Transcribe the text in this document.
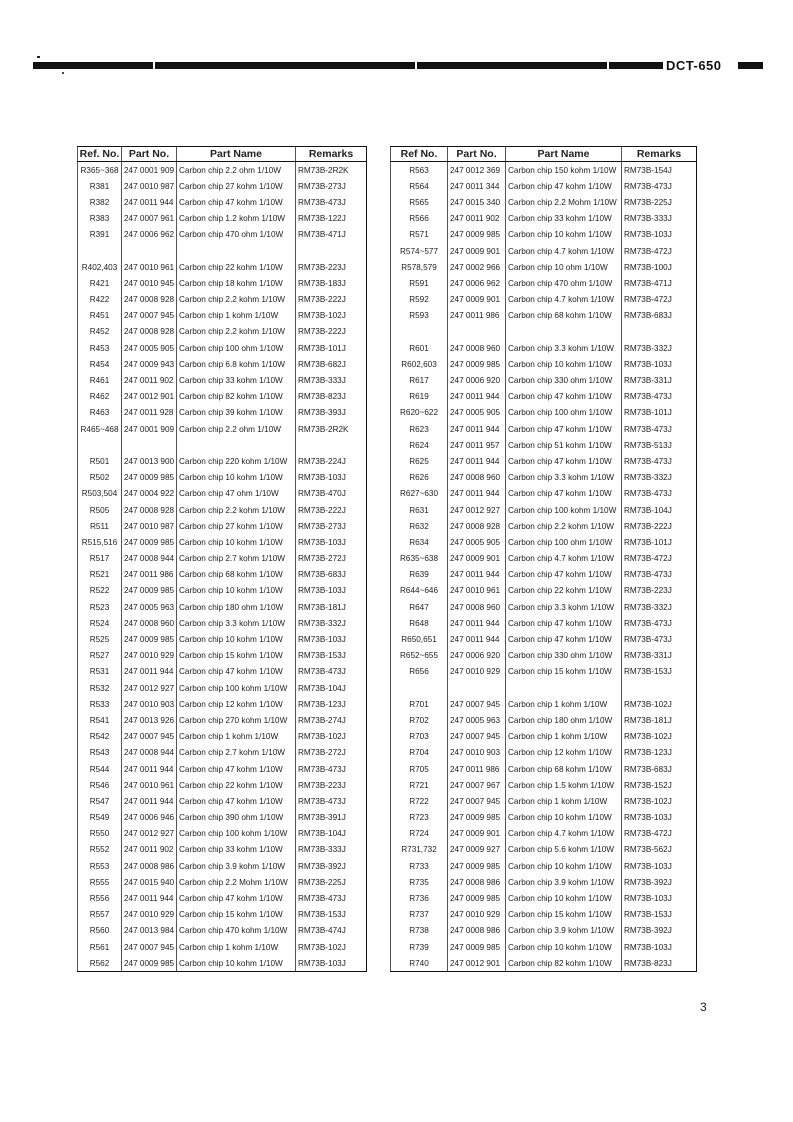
DCT-650
Ref. No.	Part No.	Part Name	Remarks
R365~368	247 0001 909	Carbon chip 2.2 ohm 1/10W	RM73B-2R2K
R381	247 0010 987	Carbon chip 27 kohm 1/10W	RM73B-273J
R382	247 0011 944	Carbon chip 47 kohm 1/10W	RM73B-473J
R383	247 0007 961	Carbon chip 1.2 kohm 1/10W	RM73B-122J
R391	247 0006 962	Carbon chip 470 ohm 1/10W	RM73B-471J

R402,403	247 0010 961	Carbon chip 22 kohm 1/10W	RM73B-223J
R421	247 0010 945	Carbon chip 18 kohm 1/10W	RM73B-183J
R422	247 0008 928	Carbon chip 2.2 kohm 1/10W	RM73B-222J
R451	247 0007 945	Carbon chip 1 kohm 1/10W	RM73B-102J
R452	247 0008 928	Carbon chip 2.2 kohm 1/10W	RM73B-222J
R453	247 0005 905	Carbon chip 100 ohm 1/10W	RM73B-101J
R454	247 0009 943	Carbon chip 6.8 kohm 1/10W	RM73B-682J
R461	247 0011 902	Carbon chip 33 kohm 1/10W	RM73B-333J
R462	247 0012 901	Carbon chip 82 kohm 1/10W	RM73B-823J
R463	247 0011 928	Carbon chip 39 kohm 1/10W	RM73B-393J
R465~468	247 0001 909	Carbon chip 2.2 ohm 1/10W	RM73B-2R2K

R501	247 0013 900	Carbon chip 220 kohm 1/10W	RM73B-224J
R502	247 0009 985	Carbon chip 10 kohm 1/10W	RM73B-103J
R503,504	247 0004 922	Carbon chip 47 ohm 1/10W	RM73B-470J
R505	247 0008 928	Carbon chip 2.2 kohm 1/10W	RM73B-222J
R511	247 0010 987	Carbon chip 27 kohm 1/10W	RM73B-273J
R515,516	247 0009 985	Carbon chip 10 kohm 1/10W	RM73B-103J
R517	247 0008 944	Carbon chip 2.7 kohm 1/10W	RM73B-272J
R521	247 0011 986	Carbon chip 68 kohm 1/10W	RM73B-683J
R522	247 0009 985	Carbon chip 10 kohm 1/10W	RM73B-103J
R523	247 0005 963	Carbon chip 180 ohm 1/10W	RM73B-181J
R524	247 0008 960	Carbon chip 3.3 kohm 1/10W	RM73B-332J
R525	247 0009 985	Carbon chip 10 kohm 1/10W	RM73B-103J
R527	247 0010 929	Carbon chip 15 kohm 1/10W	RM73B-153J
R531	247 0011 944	Carbon chip 47 kohm 1/10W	RM73B-473J
R532	247 0012 927	Carbon chip 100 kohm 1/10W	RM73B-104J
R533	247 0010 903	Carbon chip 12 kohm 1/10W	RM73B-123J
R541	247 0013 926	Carbon chip 270 kohm 1/10W	RM73B-274J
R542	247 0007 945	Carbon chip 1 kohm 1/10W	RM73B-102J
R543	247 0008 944	Carbon chip 2.7 kohm 1/10W	RM73B-272J
R544	247 0011 944	Carbon chip 47 kohm 1/10W	RM73B-473J
R546	247 0010 961	Carbon chip 22 kohm 1/10W	RM73B-223J
R547	247 0011 944	Carbon chip 47 kohm 1/10W	RM73B-473J
R549	247 0006 946	Carbon chip 390 ohm 1/10W	RM73B-391J
R550	247 0012 927	Carbon chip 100 kohm 1/10W	RM73B-104J
R552	247 0011 902	Carbon chip 33 kohm 1/10W	RM73B-333J
R553	247 0008 986	Carbon chip 3.9 kohm 1/10W	RM73B-392J
R555	247 0015 940	Carbon chip 2.2 Mohm 1/10W	RM73B-225J
R556	247 0011 944	Carbon chip 47 kohm 1/10W	RM73B-473J
R557	247 0010 929	Carbon chip 15 kohm 1/10W	RM73B-153J
R560	247 0013 984	Carbon chip 470 kohm 1/10W	RM73B-474J
R561	247 0007 945	Carbon chip 1 kohm 1/10W	RM73B-102J
R562	247 0009 985	Carbon chip 10 kohm 1/10W	RM73B-103J
Ref No.	Part No.	Part Name	Remarks
R563	247 0012 369	Carbon chip 150 kohm 1/10W	RM73B-154J
R564	247 0011 344	Carbon chip 47 kohm 1/10W	RM73B-473J
R565	247 0015 340	Carbon chip 2.2 Mohm 1/10W	RM73B-225J
R566	247 0011 902	Carbon chip 33 kohm 1/10W	RM73B-333J
R571	247 0009 985	Carbon chip 10 kohm 1/10W	RM73B-103J
R574~577	247 0009 901	Carbon chip 4.7 kohm 1/10W	RM73B-472J
R578,579	247 0002 966	Carbon chip 10 ohm 1/10W	RM73B-100J
R591	247 0006 962	Carbon chip 470 ohm 1/10W	RM73B-471J
R592	247 0009 901	Carbon chip 4.7 kohm 1/10W	RM73B-472J
R593	247 0011 986	Carbon chip 68 kohm 1/10W	RM73B-683J

R601	247 0008 960	Carbon chip 3.3 kohm 1/10W	RM73B-332J
R602,603	247 0009 985	Carbon chip 10 kohm 1/10W	RM73B-103J
R617	247 0006 920	Carbon chip 330 ohm 1/10W	RM73B-331J
R619	247 0011 944	Carbon chip 47 kohm 1/10W	RM73B-473J
R620~622	247 0005 905	Carbon chip 100 ohm 1/10W	RM73B-101J
R623	247 0011 944	Carbon chip 47 kohm 1/10W	RM73B-473J
R624	247 0011 957	Carbon chip 51 kohm 1/10W	RM73B-513J
R625	247 0011 944	Carbon chip 47 kohm 1/10W	RM73B-473J
R626	247 0008 960	Carbon chip 3.3 kohm 1/10W	RM73B-332J
R627~630	247 0011 944	Carbon chip 47 kohm 1/10W	RM73B-473J
R631	247 0012 927	Carbon chip 100 kohm 1/10W	RM73B-104J
R632	247 0008 928	Carbon chip 2.2 kohm 1/10W	RM73B-222J
R634	247 0005 905	Carbon chip 100 ohm 1/10W	RM73B-101J
R635~638	247 0009 901	Carbon chip 4.7 kohm 1/10W	RM73B-472J
R639	247 0011 944	Carbon chip 47 kohm 1/10W	RM73B-473J
R644~646	247 0010 961	Carbon chip 22 kohm 1/10W	RM73B-223J
R647	247 0008 960	Carbon chip 3.3 kohm 1/10W	RM73B-332J
R648	247 0011 944	Carbon chip 47 kohm 1/10W	RM73B-473J
R650,651	247 0011 944	Carbon chip 47 kohm 1/10W	RM73B-473J
R652~655	247 0006 920	Carbon chip 330 ohm 1/10W	RM73B-331J
R656	247 0010 929	Carbon chip 15 kohm 1/10W	RM73B-153J

R701	247 0007 945	Carbon chip 1 kohm 1/10W	RM73B-102J
R702	247 0005 963	Carbon chip 180 ohm 1/10W	RM73B-181J
R703	247 0007 945	Carbon chip 1 kohm 1/10W	RM73B-102J
R704	247 0010 903	Carbon chip 12 kohm 1/10W	RM73B-123J
R705	247 0011 986	Carbon chip 68 kohm 1/10W	RM73B-683J
R721	247 0007 967	Carbon chip 1.5 kohm 1/10W	RM73B-152J
R722	247 0007 945	Carbon chip 1 kohm 1/10W	RM73B-102J
R723	247 0009 985	Carbon chip 10 kohm 1/10W	RM73B-103J
R724	247 0009 901	Carbon chip 4.7 kohm 1/10W	RM73B-472J
R731,732	247 0009 927	Carbon chip 5.6 kohm 1/10W	RM73B-562J
R733	247 0009 985	Carbon chip 10 kohm 1/10W	RM73B-103J
R735	247 0008 986	Carbon chip 3.9 kohm 1/10W	RM73B-392J
R736	247 0009 985	Carbon chip 10 kohm 1/10W	RM73B-103J
R737	247 0010 929	Carbon chip 15 kohm 1/10W	RM73B-153J
R738	247 0008 986	Carbon chip 3.9 kohm 1/10W	RM73B-392J
R739	247 0009 985	Carbon chip 10 kohm 1/10W	RM73B-103J
R740	247 0012 901	Carbon chip 82 kohm 1/10W	RM73B-823J
3
